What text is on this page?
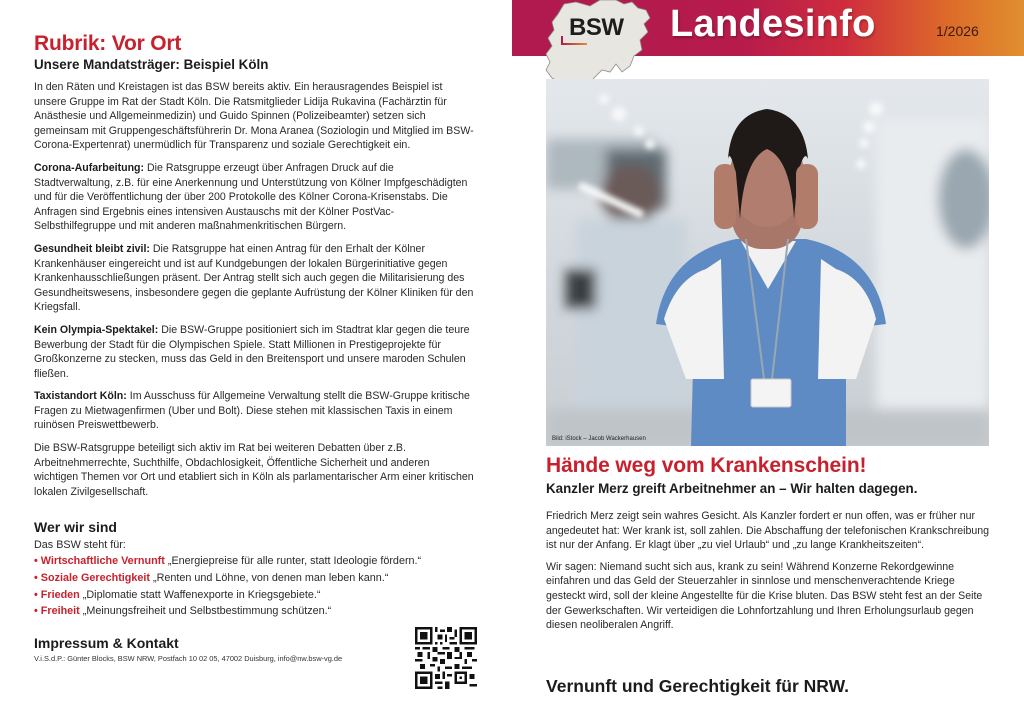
Rubrik: Vor Ort
Unsere Mandatsträger: Beispiel Köln

In den Räten und Kreistagen ist das BSW bereits aktiv. Ein herausragendes Beispiel ist unsere Gruppe im Rat der Stadt Köln. Die Ratsmitglieder Lidija Rukavina (Fachärztin für Anästhesie und Allgemeinmedizin) und Guido Spinnen (Polizeibeamter) setzen sich gemeinsam mit Gruppengeschäftsführerin Dr. Mona Aranea (Soziologin und Mitglied im BSW-Corona-Expertenrat) unermüdlich für Transparenz und soziale Gerechtigkeit ein.

Corona-Aufarbeitung: Die Ratsgruppe erzeugt über Anfragen Druck auf die Stadtverwaltung, z.B. für eine Anerkennung und Unterstützung von Kölner Impfgeschädigten und für die Veröffentlichung der über 200 Protokolle des Kölner Corona-Krisenstabs. Die Anfragen sind Ergebnis eines intensiven Austauschs mit der Kölner PostVac-Selbsthilfegruppe und mit anderen maßnahmenkritischen Bürgern.

Gesundheit bleibt zivil: Die Ratsgruppe hat einen Antrag für den Erhalt der Kölner Krankenhäuser eingereicht und ist auf Kundgebungen der lokalen Bürgerinitiative gegen Krankenhausschließungen präsent. Der Antrag stellt sich auch gegen die Militarisierung des Gesundheitswesens, insbesondere gegen die geplante Aufrüstung der Kölner Kliniken für den Kriegsfall.

Kein Olympia-Spektakel: Die BSW-Gruppe positioniert sich im Stadtrat klar gegen die teure Bewerbung der Stadt für die Olympischen Spiele. Statt Millionen in Prestigeprojekte für Großkonzerne zu stecken, muss das Geld in den Breitensport und unsere maroden Schulen fließen.

Taxistandort Köln: Im Ausschuss für Allgemeine Verwaltung stellt die BSW-Gruppe kritische Fragen zu Mietwagenfirmen (Uber und Bolt). Diese stehen mit klassischen Taxis in einem ruinösen Preiswettbewerb.

Die BSW-Ratsgruppe beteiligt sich aktiv im Rat bei weiteren Debatten über z.B. Arbeitnehmerrechte, Suchthilfe, Obdachlosigkeit, Öffentliche Sicherheit und anderen wichtigen Themen vor Ort und etabliert sich in Köln als parlamentarischer Arm einer kritischen lokalen Zivilgesellschaft.

Wer wir sind

Das BSW steht für:

• Wirtschaftliche Vernunft „Energiepreise für alle runter, statt Ideologie fördern.“
• Soziale Gerechtigkeit „Renten und Löhne, von denen man leben kann.“
• Frieden „Diplomatie statt Waffenexporte in Kriegsgebiete.“
• Freiheit „Meinungsfreiheit und Selbstbestimmung schützen.“
Impressum & Kontakt

V.i.S.d.P.: Günter Blocks, BSW NRW, Postfach 10 02 05, 47002 Duisburg, info@nw.bsw-vg.de

BSW Landesinfo	1/2026
Bild: iStock – Jacob Wackerhausen
Hände weg vom Krankenschein!
Kanzler Merz greift Arbeitnehmer an – Wir halten dagegen.

Friedrich Merz zeigt sein wahres Gesicht. Als Kanzler fordert er nun offen, was er früher nur angedeutet hat: Wer krank ist, soll zahlen. Die Abschaffung der telefonischen Krankschreibung ist nur der Anfang. Er klagt über „zu viel Urlaub“ und „zu lange Krankheitszeiten“.

Wir sagen: Niemand sucht sich aus, krank zu sein! Während Konzerne Rekordgewinne einfahren und das Geld der Steuerzahler in sinnlose und menschenverachtende Kriege gesteckt wird, soll der kleine Angestellte für die Krise bluten. Das BSW steht fest an der Seite der Gewerkschaften. Wir verteidigen die Lohnfortzahlung und Ihren Erholungsurlaub gegen diesen neoliberalen Angriff.

Vernunft und Gerechtigkeit für NRW.
